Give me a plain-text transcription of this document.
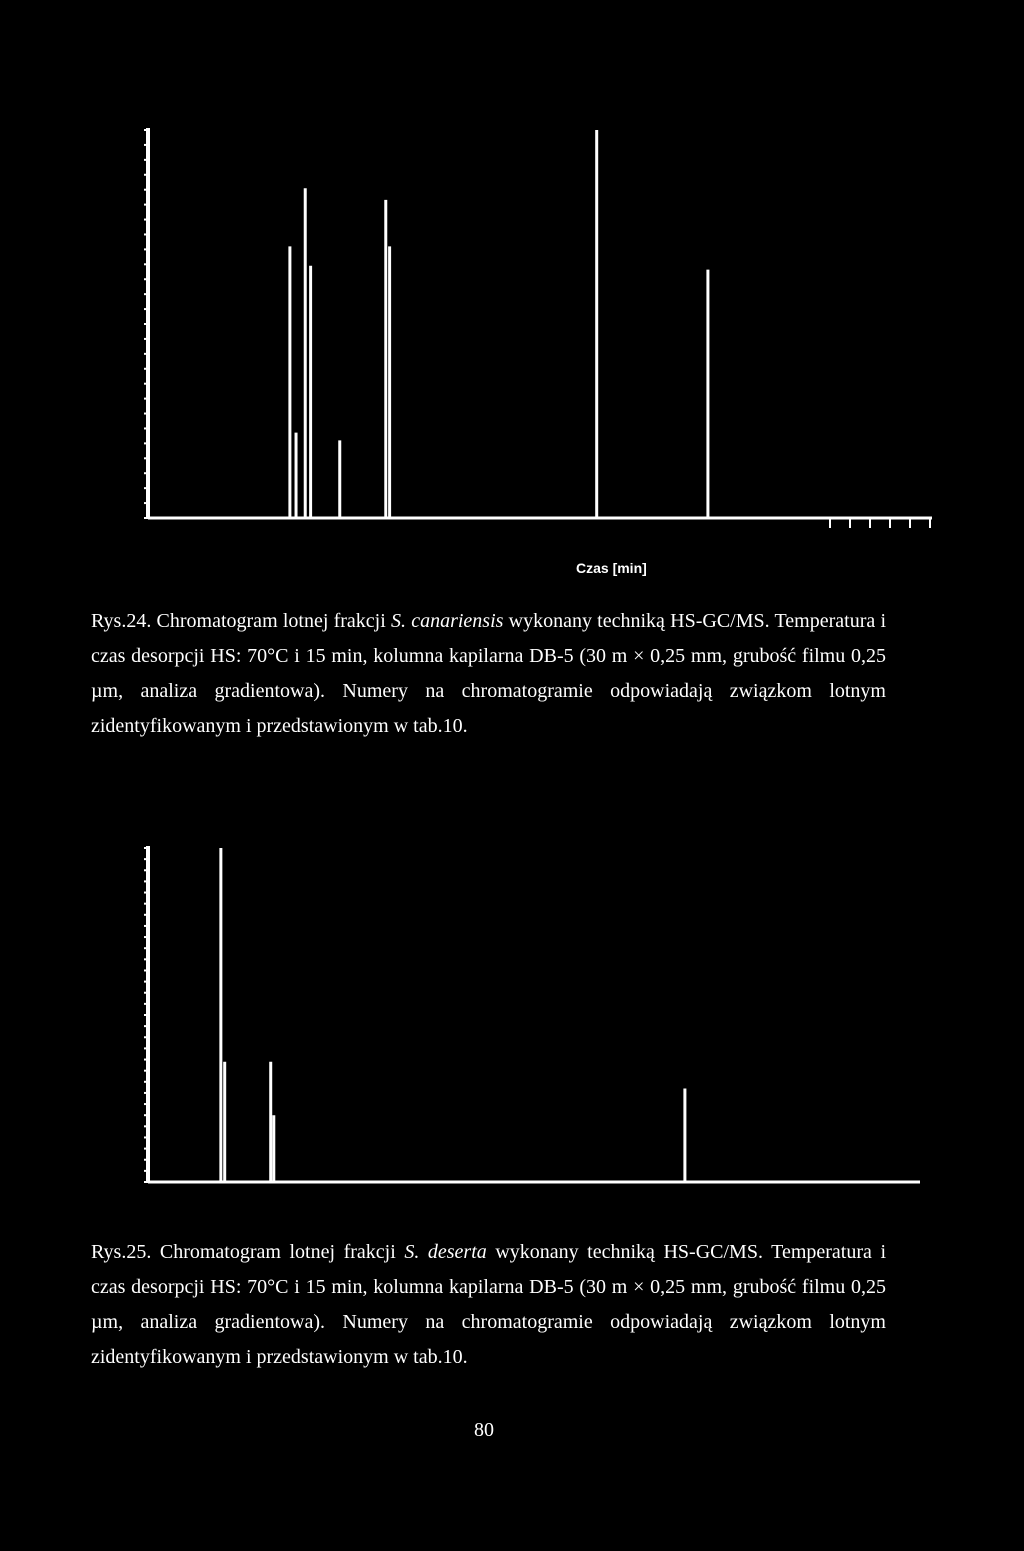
Czas [min]

Rys.24. Chromatogram lotnej frakcji S. canariensis wykonany techniką HS-GC/MS. Temperatura i czas desorpcji HS: 70°C i 15 min, kolumna kapilarna DB-5 (30 m × 0,25 mm, grubość filmu 0,25 µm, analiza gradientowa). Numery na chromatogramie odpowiadają związkom lotnym zidentyfikowanym i przedstawionym w tab.10.

Rys.25. Chromatogram lotnej frakcji S. deserta wykonany techniką HS-GC/MS. Temperatura i czas desorpcji HS: 70°C i 15 min, kolumna kapilarna DB-5 (30 m × 0,25 mm, grubość filmu 0,25 µm, analiza gradientowa). Numery na chromatogramie odpowiadają związkom lotnym zidentyfikowanym i przedstawionym w tab.10.

80
